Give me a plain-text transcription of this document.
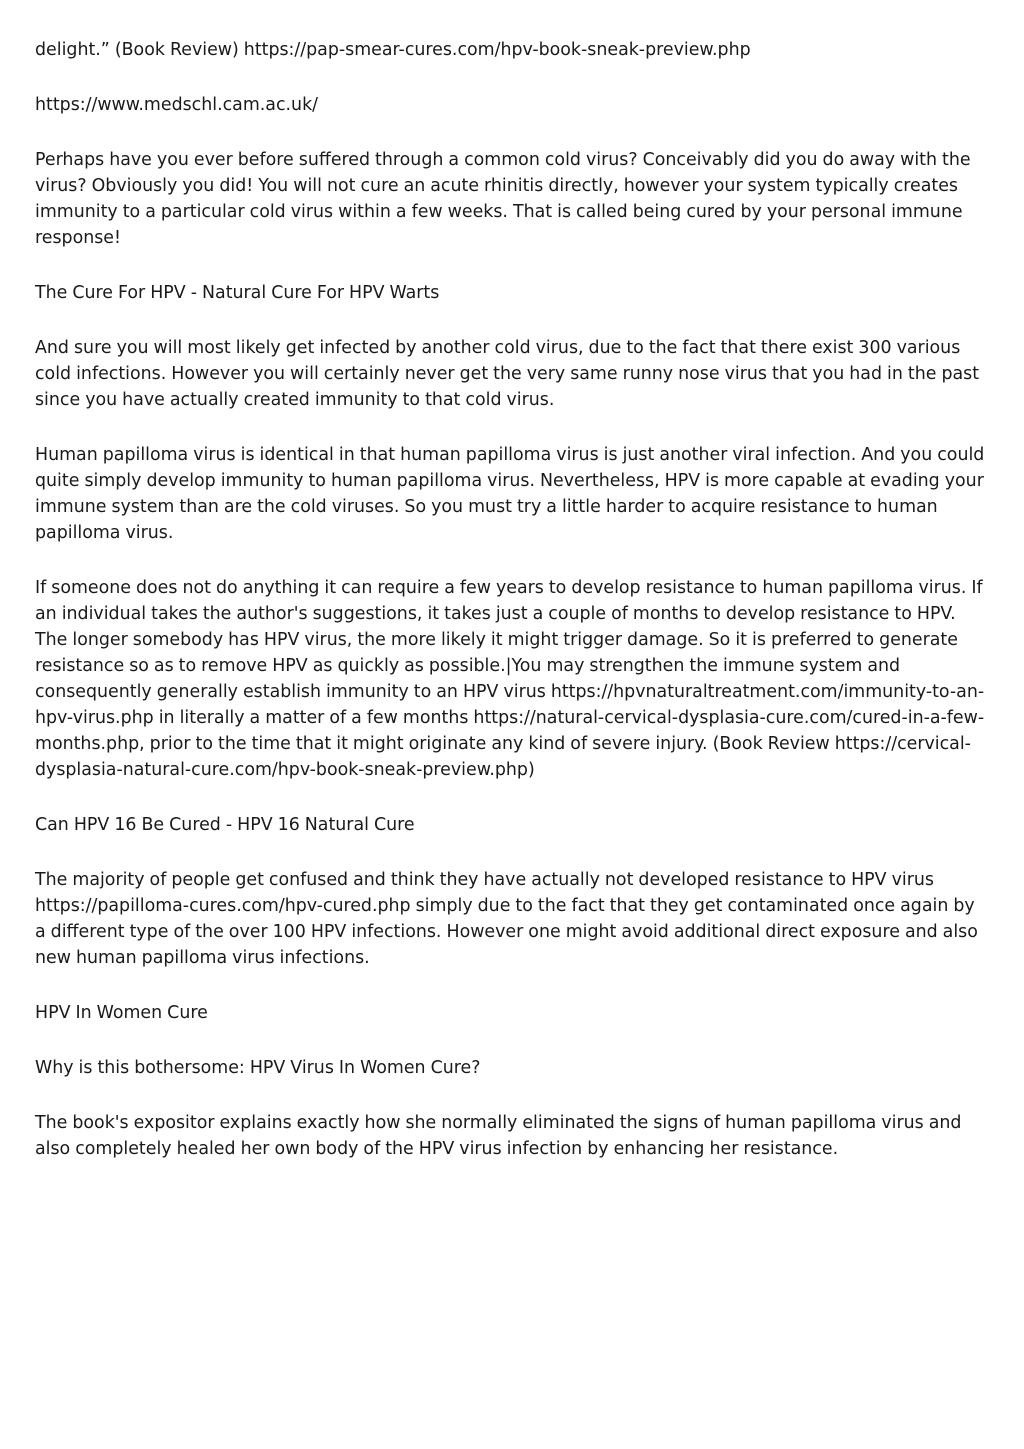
delight.” (Book Review) https://pap-smear-cures.com/hpv-book-sneak-preview.php

https://www.medschl.cam.ac.uk/

Perhaps have you ever before suffered through a common cold virus? Conceivably did you do away with the virus? Obviously you did! You will not cure an acute rhinitis directly, however your system typically creates immunity to a particular cold virus within a few weeks. That is called being cured by your personal immune response!

The Cure For HPV - Natural Cure For HPV Warts

And sure you will most likely get infected by another cold virus, due to the fact that there exist 300 various cold infections. However you will certainly never get the very same runny nose virus that you had in the past since you have actually created immunity to that cold virus.

Human papilloma virus is identical in that human papilloma virus is just another viral infection. And you could quite simply develop immunity to human papilloma virus. Nevertheless, HPV is more capable at evading your immune system than are the cold viruses. So you must try a little harder to acquire resistance to human papilloma virus.

If someone does not do anything it can require a few years to develop resistance to human papilloma virus. If an individual takes the author's suggestions, it takes just a couple of months to develop resistance to HPV. The longer somebody has HPV virus, the more likely it might trigger damage. So it is preferred to generate resistance so as to remove HPV as quickly as possible.|You may strengthen the immune system and consequently generally establish immunity to an HPV virus https://hpvnaturaltreatment.com/immunity-to-an-hpv-virus.php in literally a matter of a few months https://natural-cervical-dysplasia-cure.com/cured-in-a-few-months.php, prior to the time that it might originate any kind of severe injury. (Book Review https://cervical-dysplasia-natural-cure.com/hpv-book-sneak-preview.php)

Can HPV 16 Be Cured - HPV 16 Natural Cure

The majority of people get confused and think they have actually not developed resistance to HPV virus https://papilloma-cures.com/hpv-cured.php simply due to the fact that they get contaminated once again by a different type of the over 100 HPV infections. However one might avoid additional direct exposure and also new human papilloma virus infections.

HPV In Women Cure

Why is this bothersome: HPV Virus In Women Cure?

The book's expositor explains exactly how she normally eliminated the signs of human papilloma virus and also completely healed her own body of the HPV virus infection by enhancing her resistance.
